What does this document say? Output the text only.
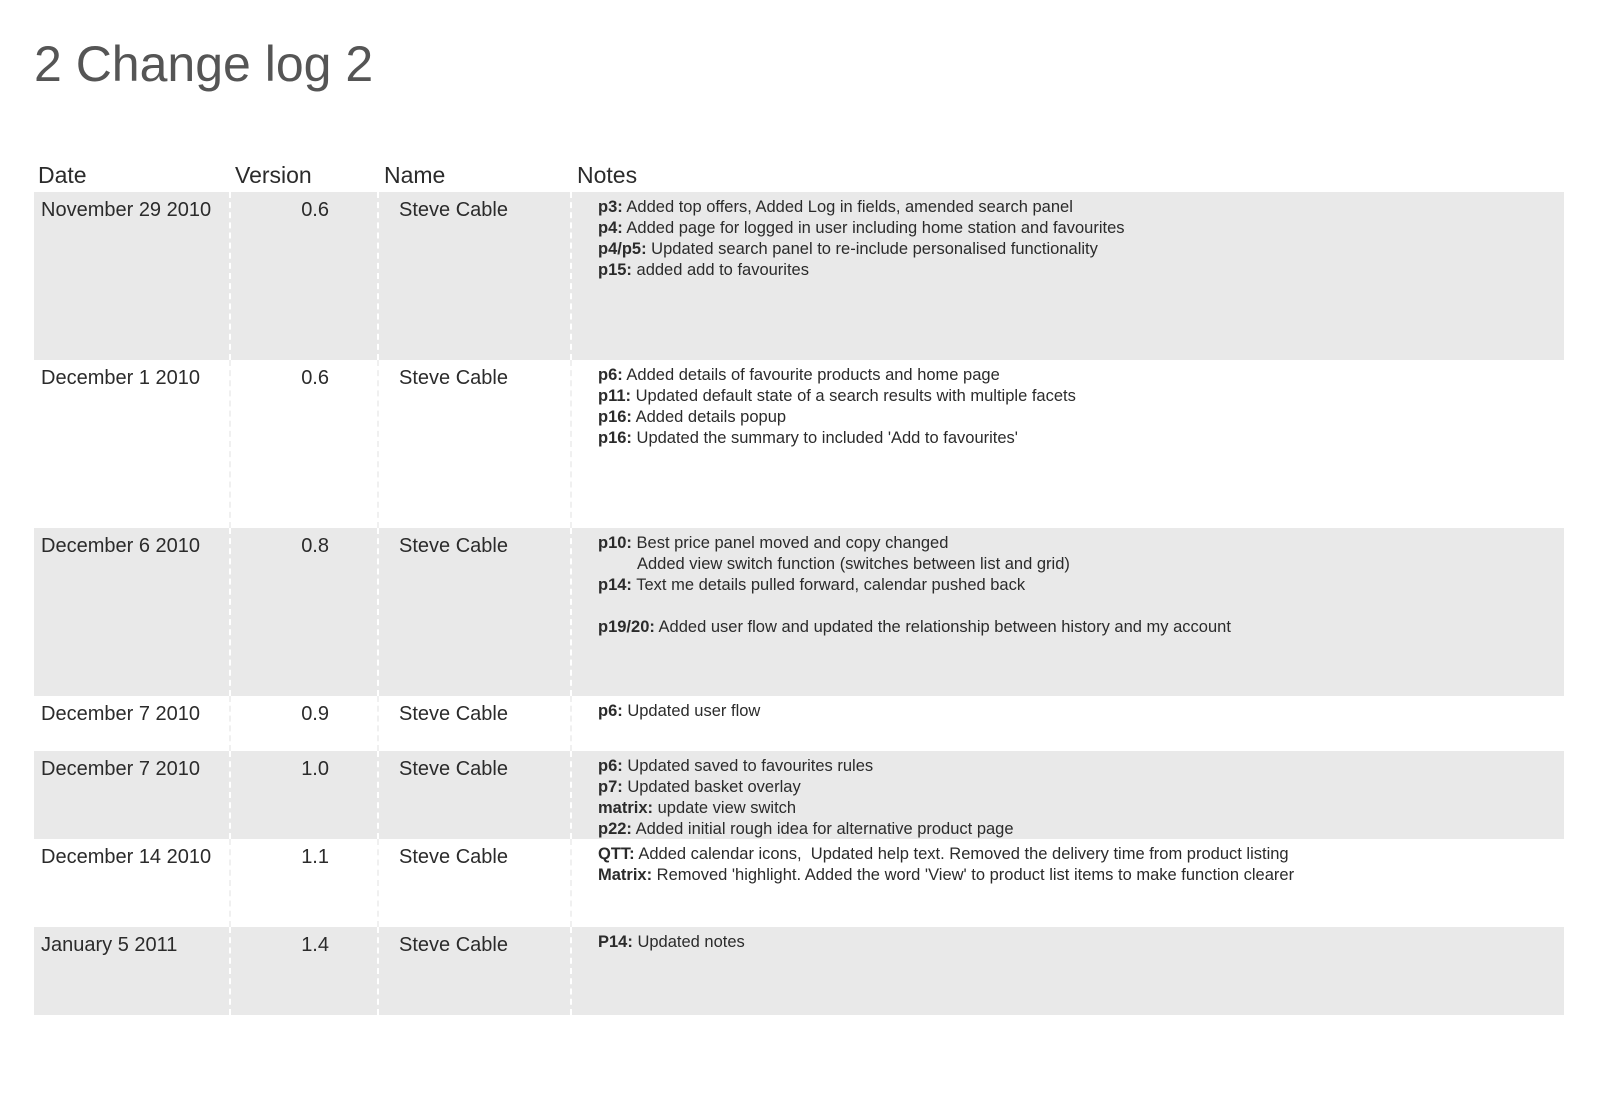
2 Change log 2
Date	Version	Name	Notes
November 29 2010	0.6	Steve Cable	p3: Added top offers, Added Log in fields, amended search panel
p4: Added page for logged in user including home station and favourites
p4/p5: Updated search panel to re-include personalised functionality
p15: added add to favourites
December 1 2010	0.6	Steve Cable	p6: Added details of favourite products and home page
p11: Updated default state of a search results with multiple facets
p16: Added details popup
p16: Updated the summary to included 'Add to favourites'
December 6 2010	0.8	Steve Cable	p10: Best price panel moved and copy changed
Added view switch function (switches between list and grid)
p14: Text me details pulled forward, calendar pushed back
p19/20: Added user flow and updated the relationship between history and my account
December 7 2010	0.9	Steve Cable	p6: Updated user flow
December 7 2010	1.0	Steve Cable	p6: Updated saved to favourites rules
p7: Updated basket overlay
matrix: update view switch
p22: Added initial rough idea for alternative product page
December 14 2010	1.1	Steve Cable	QTT: Added calendar icons,  Updated help text. Removed the delivery time from product listing
Matrix: Removed 'highlight. Added the word 'View' to product list items to make function clearer
January 5 2011	1.4	Steve Cable	P14: Updated notes
